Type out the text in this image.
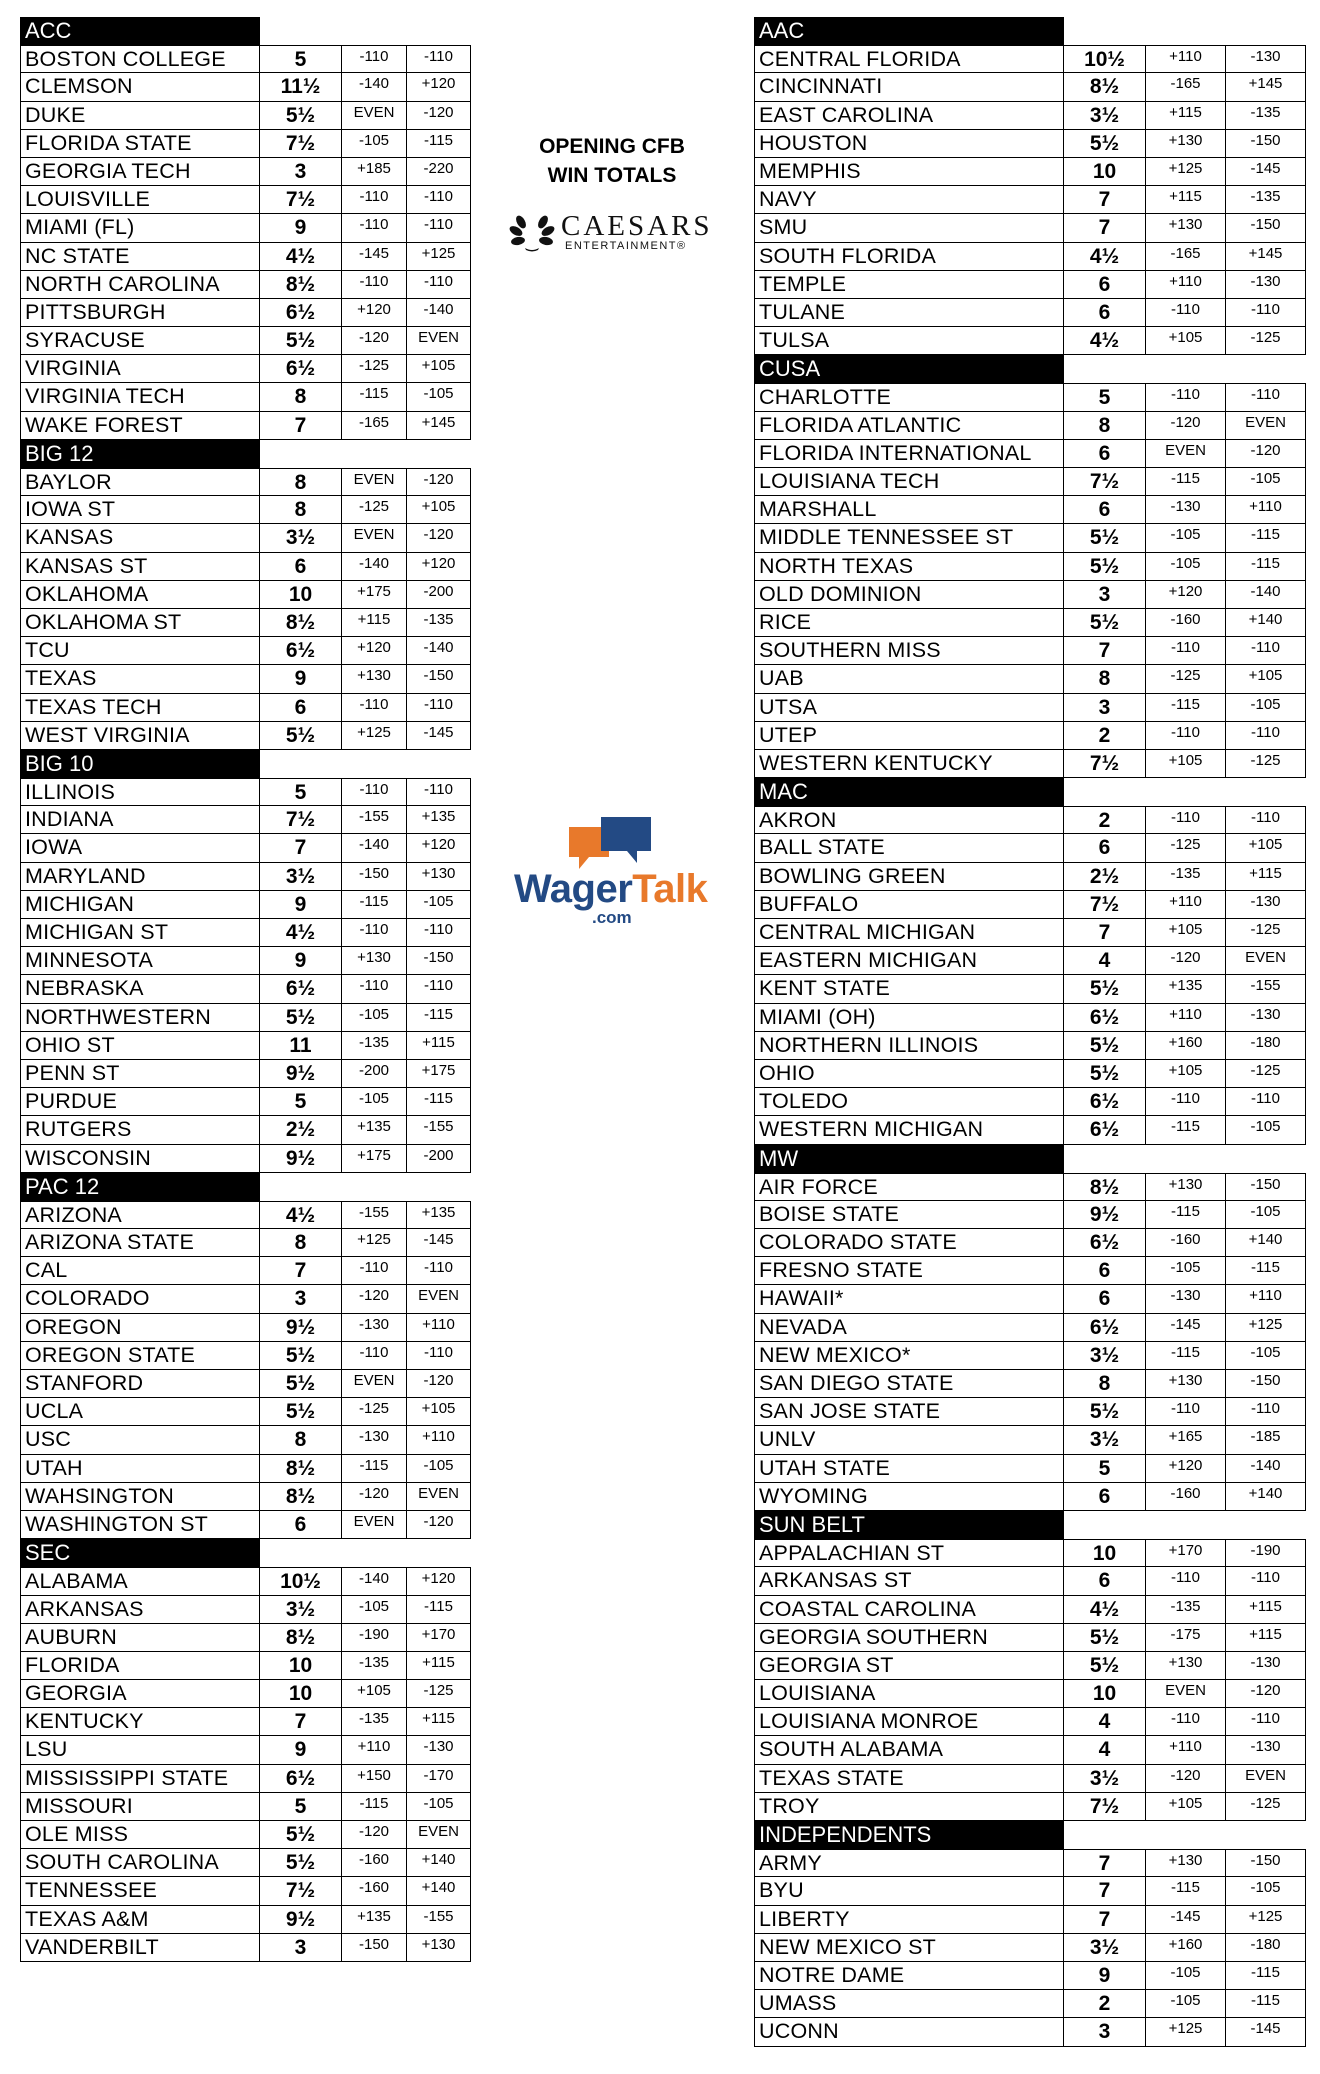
ACC
BOSTON COLLEGE	5	-110	-110
CLEMSON	11½	-140	+120
DUKE	5½	EVEN	-120
FLORIDA STATE	7½	-105	-115
GEORGIA TECH	3	+185	-220
LOUISVILLE	7½	-110	-110
MIAMI (FL)	9	-110	-110
NC STATE	4½	-145	+125
NORTH CAROLINA	8½	-110	-110
PITTSBURGH	6½	+120	-140
SYRACUSE	5½	-120	EVEN
VIRGINIA	6½	-125	+105
VIRGINIA TECH	8	-115	-105
WAKE FOREST	7	-165	+145
BIG 12
BAYLOR	8	EVEN	-120
IOWA ST	8	-125	+105
KANSAS	3½	EVEN	-120
KANSAS ST	6	-140	+120
OKLAHOMA	10	+175	-200
OKLAHOMA ST	8½	+115	-135
TCU	6½	+120	-140
TEXAS	9	+130	-150
TEXAS TECH	6	-110	-110
WEST VIRGINIA	5½	+125	-145
BIG 10
ILLINOIS	5	-110	-110
INDIANA	7½	-155	+135
IOWA	7	-140	+120
MARYLAND	3½	-150	+130
MICHIGAN	9	-115	-105
MICHIGAN ST	4½	-110	-110
MINNESOTA	9	+130	-150
NEBRASKA	6½	-110	-110
NORTHWESTERN	5½	-105	-115
OHIO ST	11	-135	+115
PENN ST	9½	-200	+175
PURDUE	5	-105	-115
RUTGERS	2½	+135	-155
WISCONSIN	9½	+175	-200
PAC 12
ARIZONA	4½	-155	+135
ARIZONA STATE	8	+125	-145
CAL	7	-110	-110
COLORADO	3	-120	EVEN
OREGON	9½	-130	+110
OREGON STATE	5½	-110	-110
STANFORD	5½	EVEN	-120
UCLA	5½	-125	+105
USC	8	-130	+110
UTAH	8½	-115	-105
WAHSINGTON	8½	-120	EVEN
WASHINGTON ST	6	EVEN	-120
SEC
ALABAMA	10½	-140	+120
ARKANSAS	3½	-105	-115
AUBURN	8½	-190	+170
FLORIDA	10	-135	+115
GEORGIA	10	+105	-125
KENTUCKY	7	-135	+115
LSU	9	+110	-130
MISSISSIPPI STATE	6½	+150	-170
MISSOURI	5	-115	-105
OLE MISS	5½	-120	EVEN
SOUTH CAROLINA	5½	-160	+140
TENNESSEE	7½	-160	+140
TEXAS A&M	9½	+135	-155
VANDERBILT	3	-150	+130
AAC
CENTRAL FLORIDA	10½	+110	-130
CINCINNATI	8½	-165	+145
EAST CAROLINA	3½	+115	-135
HOUSTON	5½	+130	-150
MEMPHIS	10	+125	-145
NAVY	7	+115	-135
SMU	7	+130	-150
SOUTH FLORIDA	4½	-165	+145
TEMPLE	6	+110	-130
TULANE	6	-110	-110
TULSA	4½	+105	-125
CUSA
CHARLOTTE	5	-110	-110
FLORIDA ATLANTIC	8	-120	EVEN
FLORIDA INTERNATIONAL	6	EVEN	-120
LOUISIANA TECH	7½	-115	-105
MARSHALL	6	-130	+110
MIDDLE TENNESSEE ST	5½	-105	-115
NORTH TEXAS	5½	-105	-115
OLD DOMINION	3	+120	-140
RICE	5½	-160	+140
SOUTHERN MISS	7	-110	-110
UAB	8	-125	+105
UTSA	3	-115	-105
UTEP	2	-110	-110
WESTERN KENTUCKY	7½	+105	-125
MAC
AKRON	2	-110	-110
BALL STATE	6	-125	+105
BOWLING GREEN	2½	-135	+115
BUFFALO	7½	+110	-130
CENTRAL MICHIGAN	7	+105	-125
EASTERN MICHIGAN	4	-120	EVEN
KENT STATE	5½	+135	-155
MIAMI (OH)	6½	+110	-130
NORTHERN ILLINOIS	5½	+160	-180
OHIO	5½	+105	-125
TOLEDO	6½	-110	-110
WESTERN MICHIGAN	6½	-115	-105
MW
AIR FORCE	8½	+130	-150
BOISE STATE	9½	-115	-105
COLORADO STATE	6½	-160	+140
FRESNO STATE	6	-105	-115
HAWAII*	6	-130	+110
NEVADA	6½	-145	+125
NEW MEXICO*	3½	-115	-105
SAN DIEGO STATE	8	+130	-150
SAN JOSE STATE	5½	-110	-110
UNLV	3½	+165	-185
UTAH STATE	5	+120	-140
WYOMING	6	-160	+140
SUN BELT
APPALACHIAN ST	10	+170	-190
ARKANSAS ST	6	-110	-110
COASTAL CAROLINA	4½	-135	+115
GEORGIA SOUTHERN	5½	-175	+115
GEORGIA ST	5½	+130	-130
LOUISIANA	10	EVEN	-120
LOUISIANA MONROE	4	-110	-110
SOUTH ALABAMA	4	+110	-130
TEXAS STATE	3½	-120	EVEN
TROY	7½	+105	-125
INDEPENDENTS
ARMY	7	+130	-150
BYU	7	-115	-105
LIBERTY	7	-145	+125
NEW MEXICO ST	3½	+160	-180
NOTRE DAME	9	-105	-115
UMASS	2	-105	-115
UCONN	3	+125	-145
OPENING CFB
WIN TOTALS
CAESARS
ENTERTAINMENT®
WagerTalk
.com
